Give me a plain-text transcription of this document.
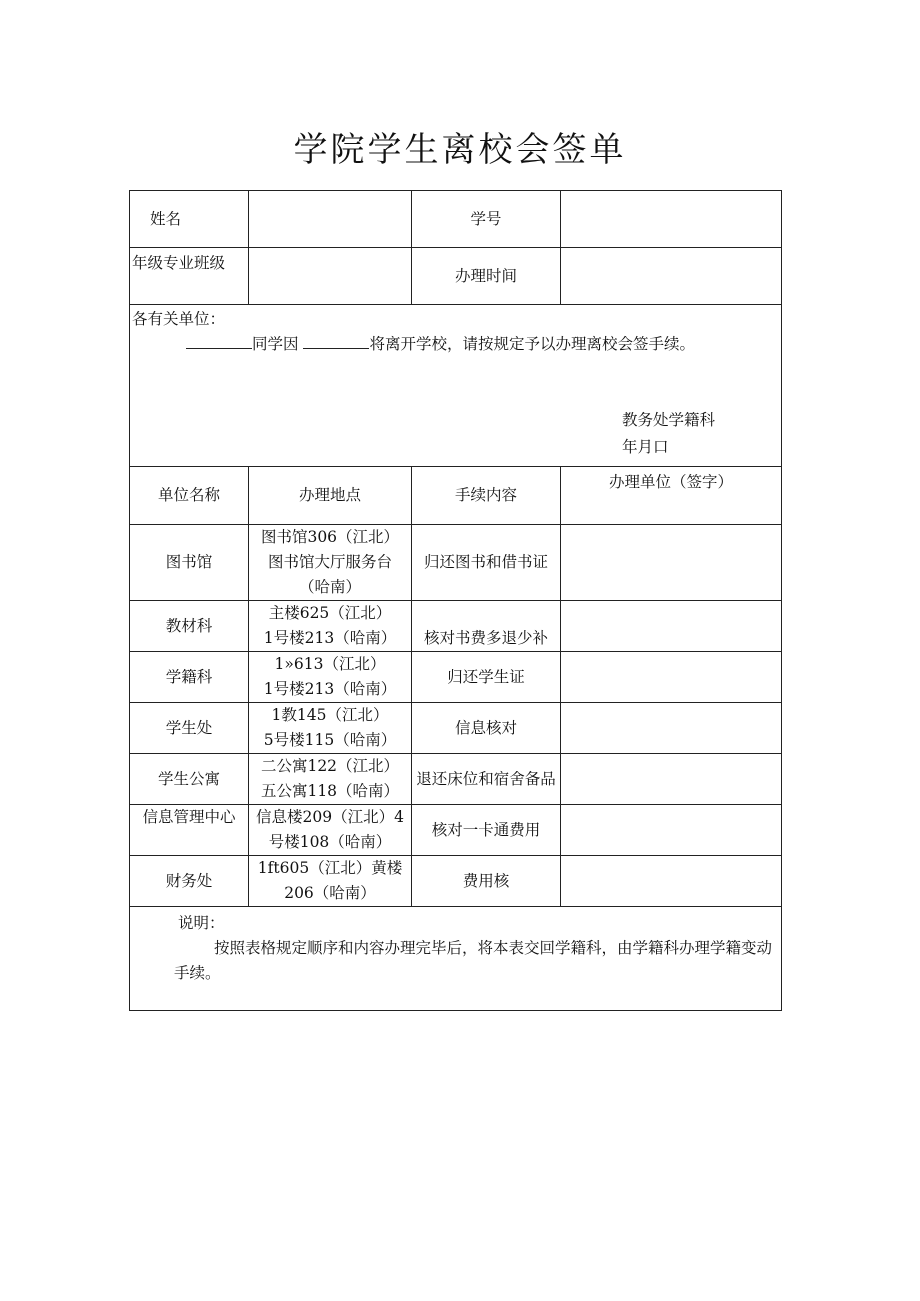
学院学生离校会签单
姓名		学号	
年级专业班级		办理时间	

各有关单位：
同学因 将离开学校，请按规定予以办理离校会签手续。
教务处学籍科
年月口			

单位名称	办理地点	手续内容	办理单位（签字）
图书馆	图书馆306（江北）
图书馆大厅服务台
（哈南）	归还图书和借书证	
教材科	主楼625（江北）
1号楼213（哈南）	核对书费多退少补	
学籍科	1»613（江北）
1号楼213（哈南）	归还学生证	
学生处	1教145（江北）
5号楼115（哈南）	信息核对	
学生公寓	二公寓122（江北）
五公寓118（哈南）	退还床位和宿舍备品	
信息管理中心	信息楼209（江北）4
号楼108（哈南）	核对一卡通费用	
财务处	1ft605（江北）黄楼
206（哈南）	费用核	

说明：
按照表格规定顺序和内容办理完毕后，将本表交回学籍科，由学籍科办理学籍变动手续。			
